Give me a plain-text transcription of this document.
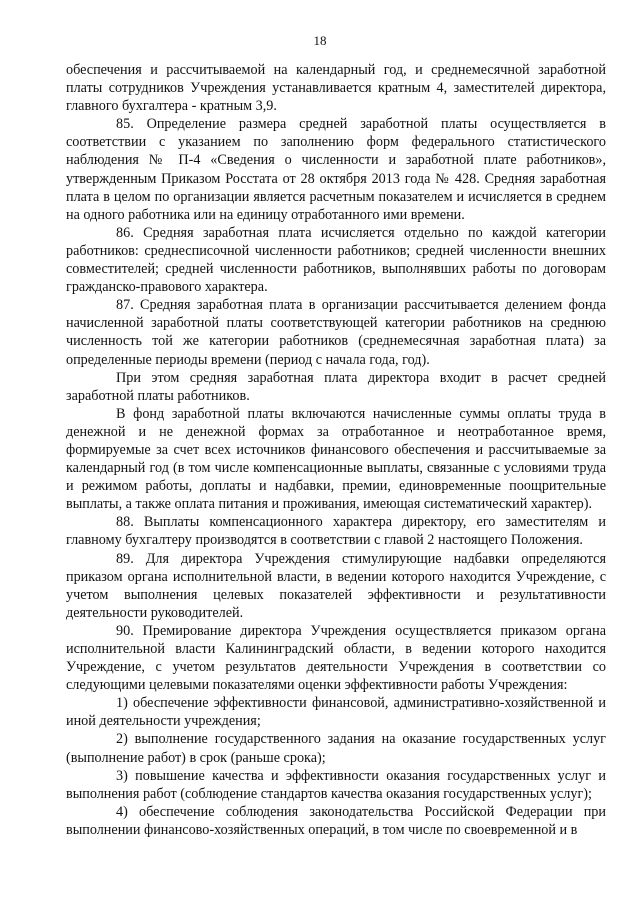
18

обеспечения и рассчитываемой на календарный год, и среднемесячной заработной платы сотрудников Учреждения устанавливается кратным 4, заместителей директора, главного бухгалтера - кратным 3,9.

85. Определение размера средней заработной платы осуществляется в соответствии с указанием по заполнению форм федерального статистического наблюдения № П-4 «Сведения о численности и заработной плате работников», утвержденным Приказом Росстата от 28 октября 2013 года № 428. Средняя заработная плата в целом по организации является расчетным показателем и исчисляется в среднем на одного работника или на единицу отработанного ими времени.

86. Средняя заработная плата исчисляется отдельно по каждой категории работников: среднесписочной численности работников; средней численности внешних совместителей; средней численности работников, выполнявших работы по договорам гражданско-правового характера.

87. Средняя заработная плата в организации рассчитывается делением фонда начисленной заработной платы соответствующей категории работников на среднюю численность той же категории работников (среднемесячная заработная плата) за определенные периоды времени (период с начала года, год).

При этом средняя заработная плата директора входит в расчет средней заработной платы работников.

В фонд заработной платы включаются начисленные суммы оплаты труда в денежной и не денежной формах за отработанное и неотработанное время, формируемые за счет всех источников финансового обеспечения и рассчитываемые за календарный год (в том числе компенсационные выплаты, связанные с условиями труда и режимом работы, доплаты и надбавки, премии, единовременные поощрительные выплаты, а также оплата питания и проживания, имеющая систематический характер).

88. Выплаты компенсационного характера директору, его заместителям и главному бухгалтеру производятся в соответствии с главой 2 настоящего Положения.

89. Для директора Учреждения стимулирующие надбавки определяются приказом органа исполнительной власти, в ведении которого находится Учреждение, с учетом выполнения целевых показателей эффективности и результативности деятельности руководителей.

90. Премирование директора Учреждения осуществляется приказом органа исполнительной власти Калининградский области, в ведении которого находится Учреждение, с учетом результатов деятельности Учреждения в соответствии со следующими целевыми показателями оценки эффективности работы Учреждения:

1) обеспечение эффективности финансовой, административно-хозяйственной и иной деятельности учреждения;

2) выполнение государственного задания на оказание государственных услуг (выполнение работ) в срок (раньше срока);

3) повышение качества и эффективности оказания государственных услуг и выполнения работ (соблюдение стандартов качества оказания государственных услуг);

4) обеспечение соблюдения законодательства Российской Федерации при выполнении финансово-хозяйственных операций, в том числе по своевременной и в
